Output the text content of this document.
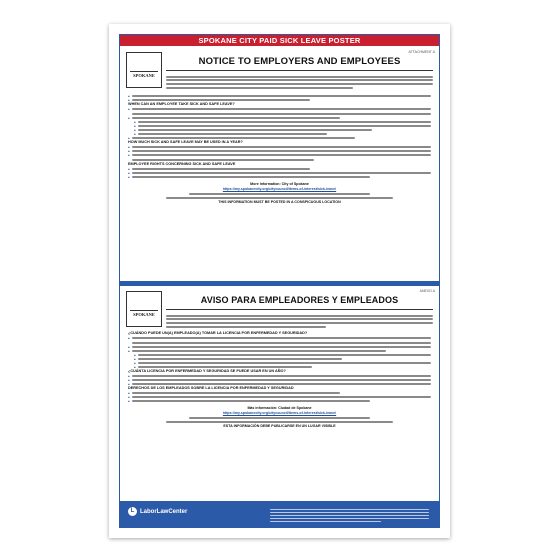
SPOKANE CITY PAID SICK LEAVE POSTER
SPOKANE
ATTACHMENT A
NOTICE TO EMPLOYERS AND EMPLOYEES
■
■
WHEN CAN AN EMPLOYEE TAKE SICK AND SAFE LEAVE?
■
■
■
■
■
■
■
HOW MUCH SICK AND SAFE LEAVE MAY BE USED IN A YEAR?
■
■
■
EMPLOYEE RIGHTS CONCERNING SICK AND SAFE LEAVE
■
■
■
More Information: City of Spokane
https://my.spokanecity.org/citycouncil/items-of-interest/sick-leave/
THIS INFORMATION MUST BE POSTED IN A CONSPICUOUS LOCATION
SPOKANE
ANEXO A
AVISO PARA EMPLEADORES Y EMPLEADOS
¿CUÁNDO PUEDE UN(A) EMPLEADO(A) TOMAR LA LICENCIA POR ENFERMEDAD Y SEGURIDAD?
■
■
■
■
■
■
■
¿CUÁNTA LICENCIA POR ENFERMEDAD Y SEGURIDAD SE PUEDE USAR EN UN AÑO?
■
■
■
DERECHOS DE LOS EMPLEADOS SOBRE LA LICENCIA POR ENFERMEDAD Y SEGURIDAD
■
■
■
Más información: Ciudad de Spokane
https://my.spokanecity.org/citycouncil/items-of-interest/sick-leave/
ESTA INFORMACIÓN DEBE PUBLICARSE EN UN LUGAR VISIBLE
L LaborLawCenter
